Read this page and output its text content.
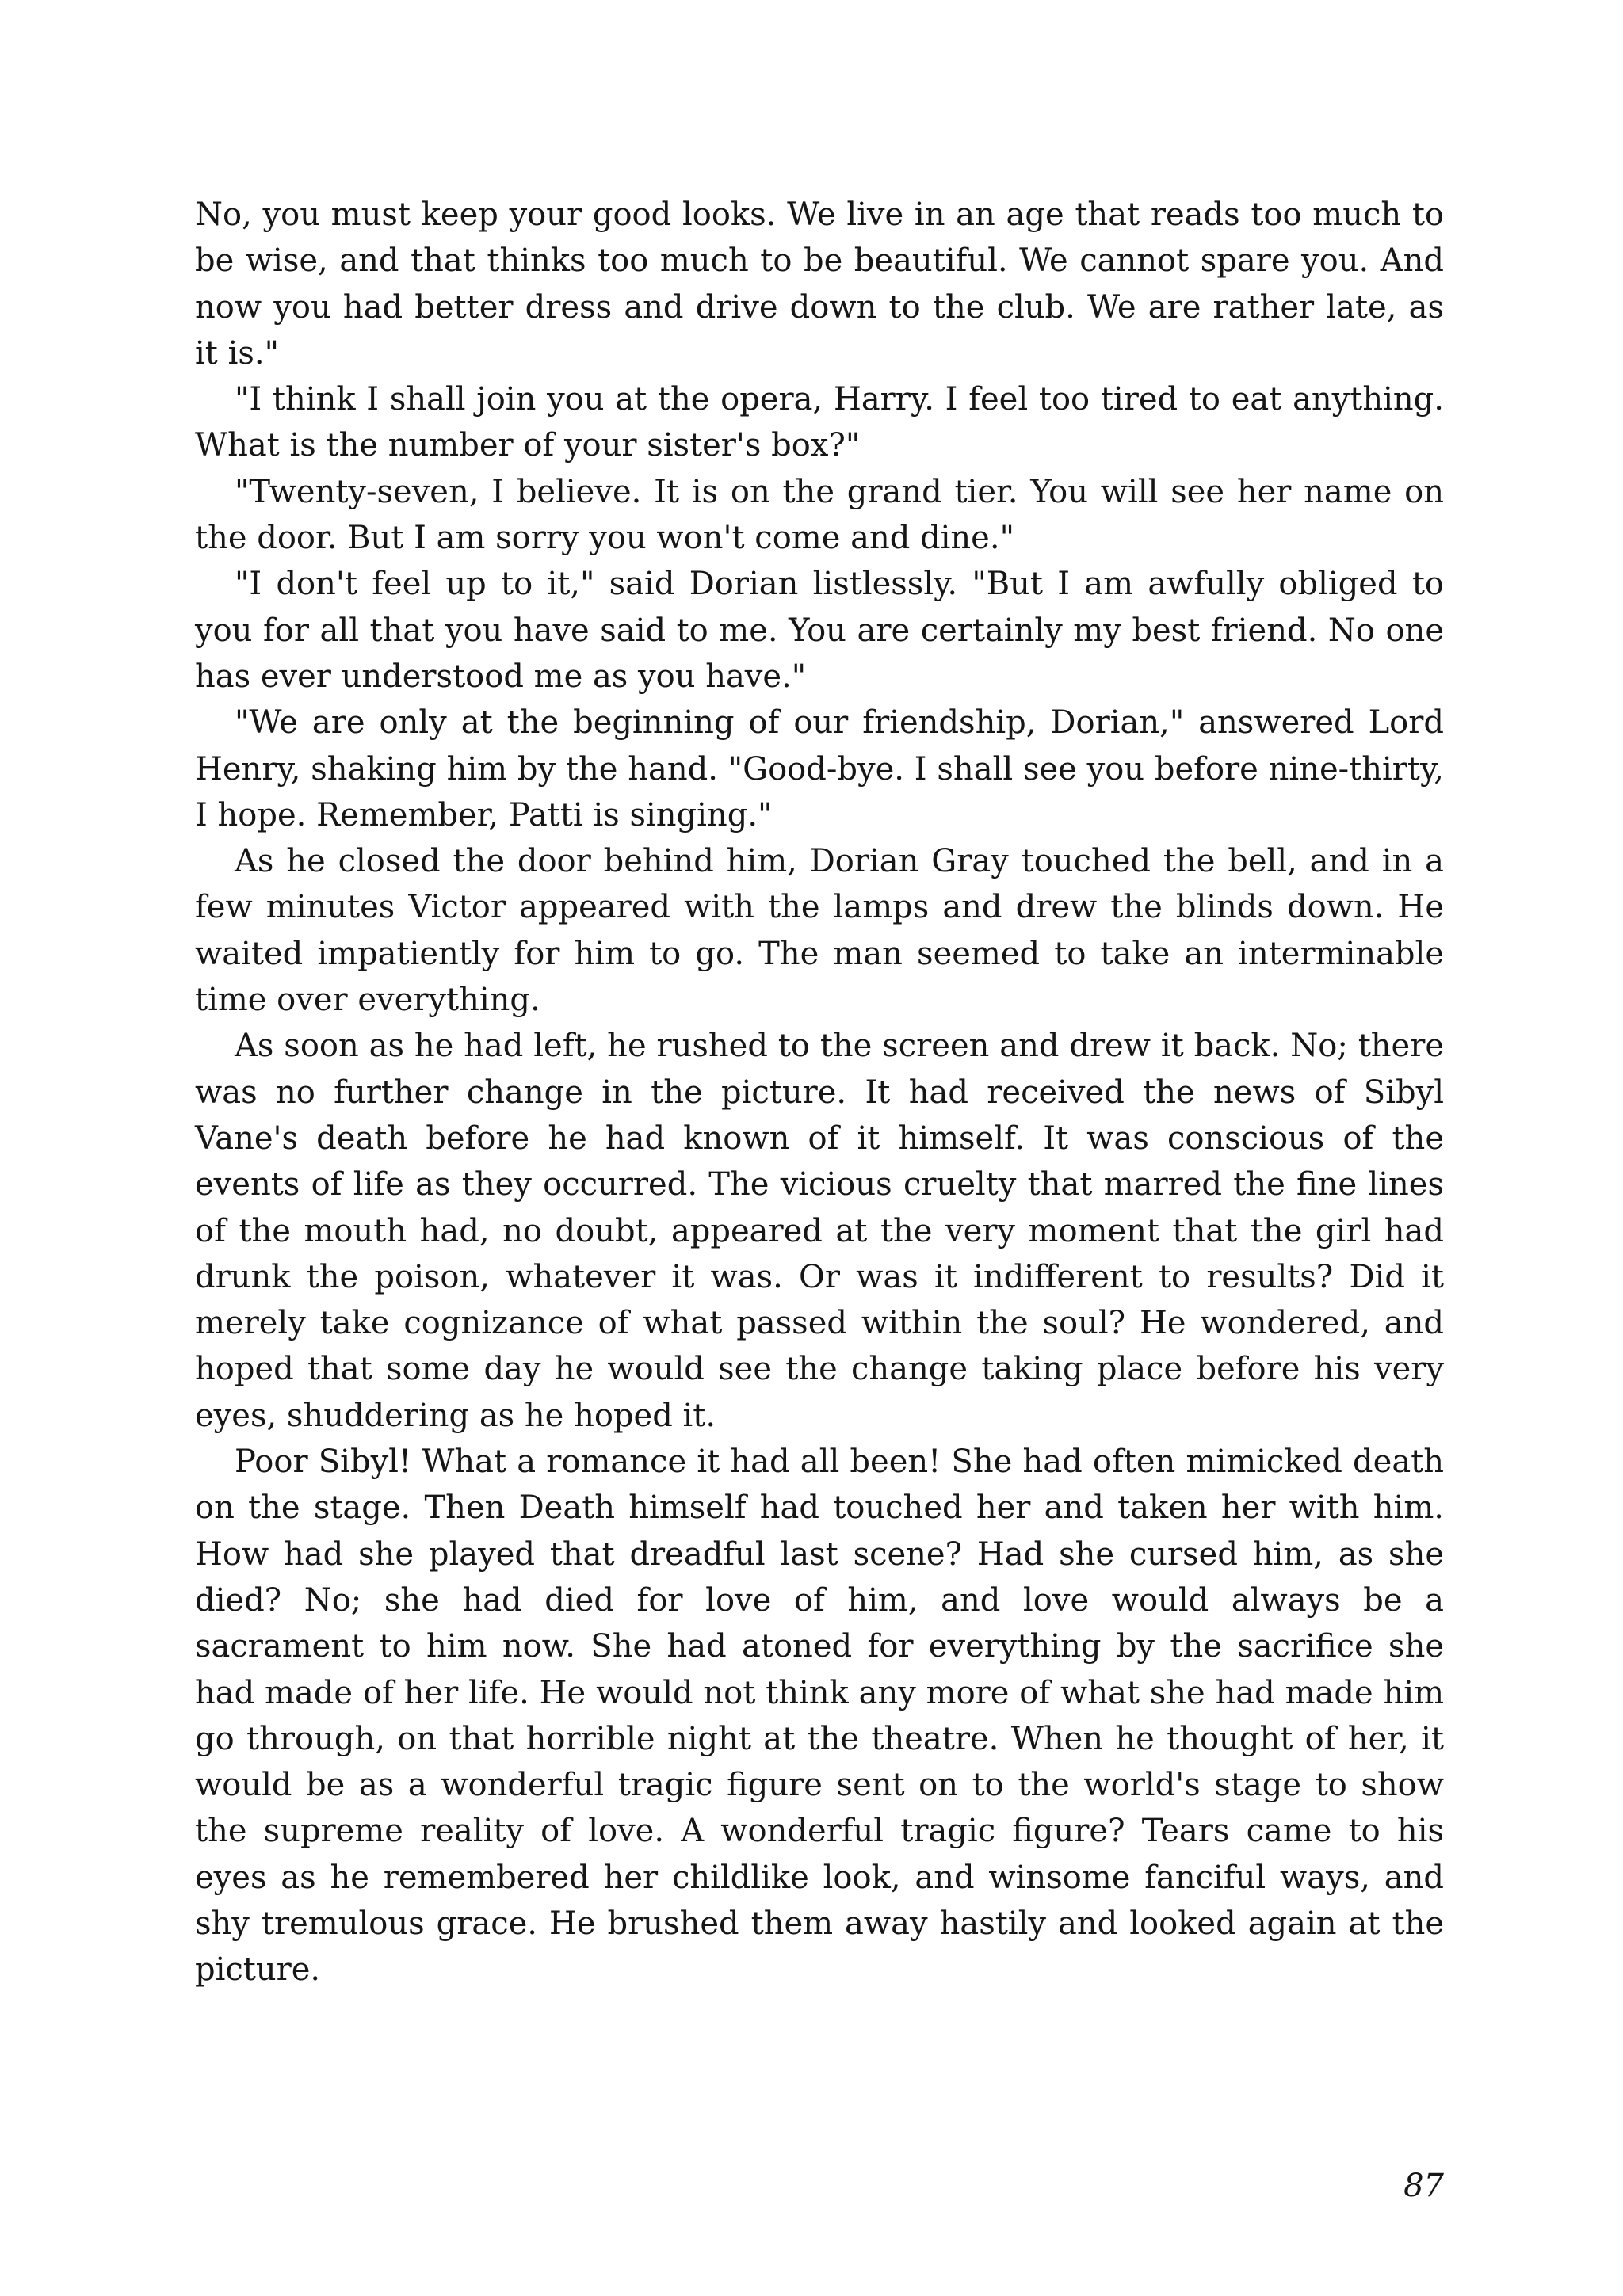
No, you must keep your good looks. We live in an age that reads too much to be wise, and that thinks too much to be beautiful. We cannot spare you. And now you had better dress and drive down to the club. We are rather late, as it is."

"I think I shall join you at the opera, Harry. I feel too tired to eat anything. What is the number of your sister's box?"

"Twenty-seven, I believe. It is on the grand tier. You will see her name on the door. But I am sorry you won't come and dine."

"I don't feel up to it," said Dorian listlessly. "But I am awfully obliged to you for all that you have said to me. You are certainly my best friend. No one has ever understood me as you have."

"We are only at the beginning of our friendship, Dorian," answered Lord Henry, shaking him by the hand. "Good-bye. I shall see you before nine-thirty, I hope. Remember, Patti is singing."

As he closed the door behind him, Dorian Gray touched the bell, and in a few minutes Victor appeared with the lamps and drew the blinds down. He waited impatiently for him to go. The man seemed to take an interminable time over everything.

As soon as he had left, he rushed to the screen and drew it back. No; there was no further change in the picture. It had received the news of Sibyl Vane's death before he had known of it himself. It was conscious of the events of life as they occurred. The vicious cruelty that marred the fine lines of the mouth had, no doubt, appeared at the very moment that the girl had drunk the poison, whatever it was. Or was it indifferent to results? Did it merely take cognizance of what passed within the soul? He wondered, and hoped that some day he would see the change taking place before his very eyes, shuddering as he hoped it.

Poor Sibyl! What a romance it had all been! She had often mimicked death on the stage. Then Death himself had touched her and taken her with him. How had she played that dreadful last scene? Had she cursed him, as she died? No; she had died for love of him, and love would always be a sacrament to him now. She had atoned for everything by the sacrifice she had made of her life. He would not think any more of what she had made him go through, on that horrible night at the theatre. When he thought of her, it would be as a wonderful tragic figure sent on to the world's stage to show the supreme reality of love. A wonderful tragic figure? Tears came to his eyes as he remembered her childlike look, and winsome fanciful ways, and shy tremulous grace. He brushed them away hastily and looked again at the picture.

87
